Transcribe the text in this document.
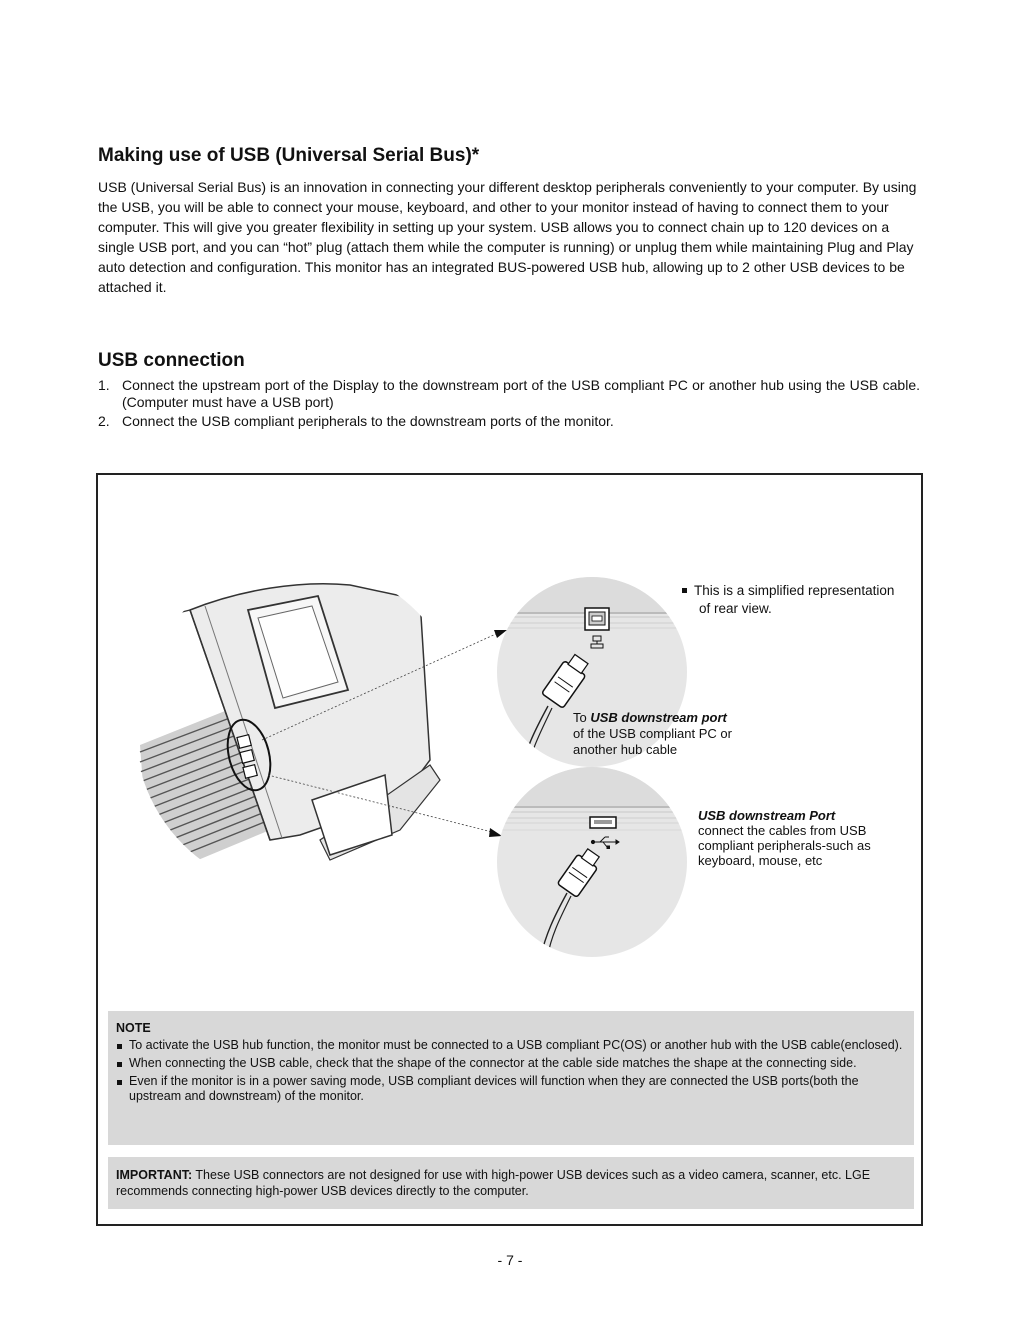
Making use of USB (Universal Serial Bus)*

USB (Universal Serial Bus) is an innovation in connecting your different desktop peripherals conveniently to your computer. By using the USB, you will be able to connect your mouse, keyboard, and other to your monitor instead of having to connect them to your computer. This will give you greater flexibility in setting up your system. USB allows you to connect chain up to 120 devices on a single USB port, and you can “hot” plug (attach them while the computer is running) or unplug them while maintaining Plug and Play auto detection and configuration. This monitor has an integrated BUS-powered USB hub, allowing up to 2 other USB devices to be attached it.

USB connection
1. Connect the upstream port of the Display to the downstream port of the USB compliant PC or another hub using the USB cable. (Computer must have a USB port)
2. Connect the USB compliant peripherals to the downstream ports of the monitor.
This is a simplified representation
of rear view.
To USB downstream port
of the USB compliant PC or
another hub cable
USB downstream Port
connect the cables from USB
compliant peripherals-such as
keyboard, mouse, etc
NOTE
To activate the USB hub function, the monitor must be connected to a USB compliant PC(OS) or another hub with the USB cable(enclosed).
When connecting the USB cable, check that the shape of the connector at the cable side matches the shape at the connecting side.
Even if the monitor is in a power saving mode, USB compliant devices will function when they are connected the USB ports(both the upstream and downstream) of the monitor.
IMPORTANT: These USB connectors are not designed for use with high-power USB devices such as a video camera, scanner, etc. LGE recommends connecting high-power USB devices directly to the computer.
- 7 -
